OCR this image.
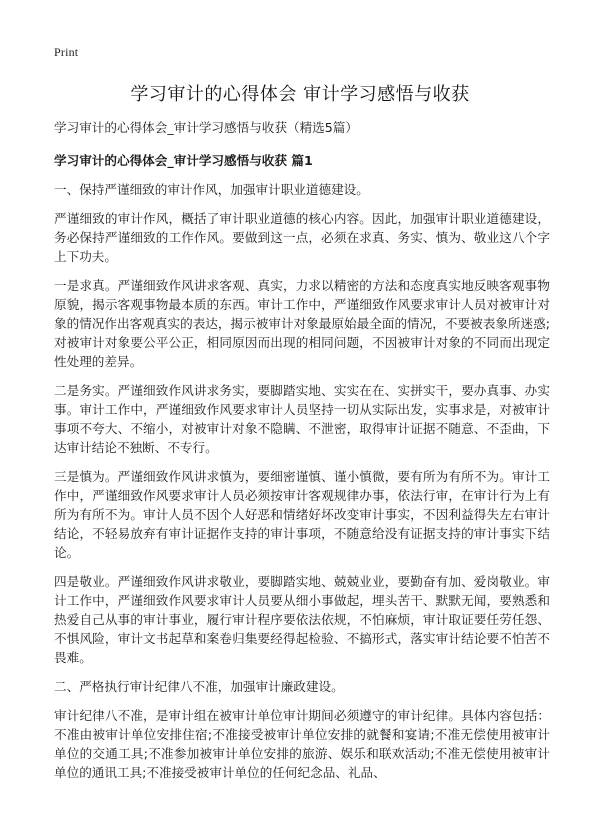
Print
学习审计的心得体会 审计学习感悟与收获

学习审计的心得体会_审计学习感悟与收获（精选5篇）

学习审计的心得体会_审计学习感悟与收获 篇1

一、保持严谨细致的审计作风，加强审计职业道德建设。

严谨细致的审计作风，概括了审计职业道德的核心内容。因此，加强审计职业道德建设，务必保持严谨细致的工作作风。要做到这一点，必须在求真、务实、慎为、敬业这八个字上下功夫。

一是求真。严谨细致作风讲求客观、真实，力求以精密的方法和态度真实地反映客观事物原貌，揭示客观事物最本质的东西。审计工作中，严谨细致作风要求审计人员对被审计对象的情况作出客观真实的表达，揭示被审计对象最原始最全面的情况，不要被表象所迷惑;对被审计对象要公平公正，相同原因而出现的相同问题，不因被审计对象的不同而出现定性处理的差异。

二是务实。严谨细致作风讲求务实，要脚踏实地、实实在在、实拼实干，要办真事、办实事。审计工作中，严谨细致作风要求审计人员坚持一切从实际出发，实事求是，对被审计事项不夸大、不缩小，对被审计对象不隐瞒、不泄密，取得审计证据不随意、不歪曲，下达审计结论不独断、不专行。

三是慎为。严谨细致作风讲求慎为，要细密谨慎、谨小慎微，要有所为有所不为。审计工作中，严谨细致作风要求审计人员必须按审计客观规律办事，依法行审，在审计行为上有所为有所不为。审计人员不因个人好恶和情绪好坏改变审计事实，不因利益得失左右审计结论，不轻易放弃有审计证据作支持的审计事项，不随意给没有证据支持的审计事实下结论。

四是敬业。严谨细致作风讲求敬业，要脚踏实地、兢兢业业，要勤奋有加、爱岗敬业。审计工作中，严谨细致作风要求审计人员要从细小事做起，埋头苦干、默默无闻，要熟悉和热爱自己从事的审计事业，履行审计程序要依法依规，不怕麻烦，审计取证要任劳任怨、不惧风险，审计文书起草和案卷归集要经得起检验、不搞形式，落实审计结论要不怕苦不畏难。

二、严格执行审计纪律八不准，加强审计廉政建设。

审计纪律八不准，是审计组在被审计单位审计期间必须遵守的审计纪律。具体内容包括：不准由被审计单位安排住宿;不准接受被审计单位安排的就餐和宴请;不准无偿使用被审计单位的交通工具;不准参加被审计单位安排的旅游、娱乐和联欢活动;不准无偿使用被审计单位的通讯工具;不准接受被审计单位的任何纪念品、礼品、
